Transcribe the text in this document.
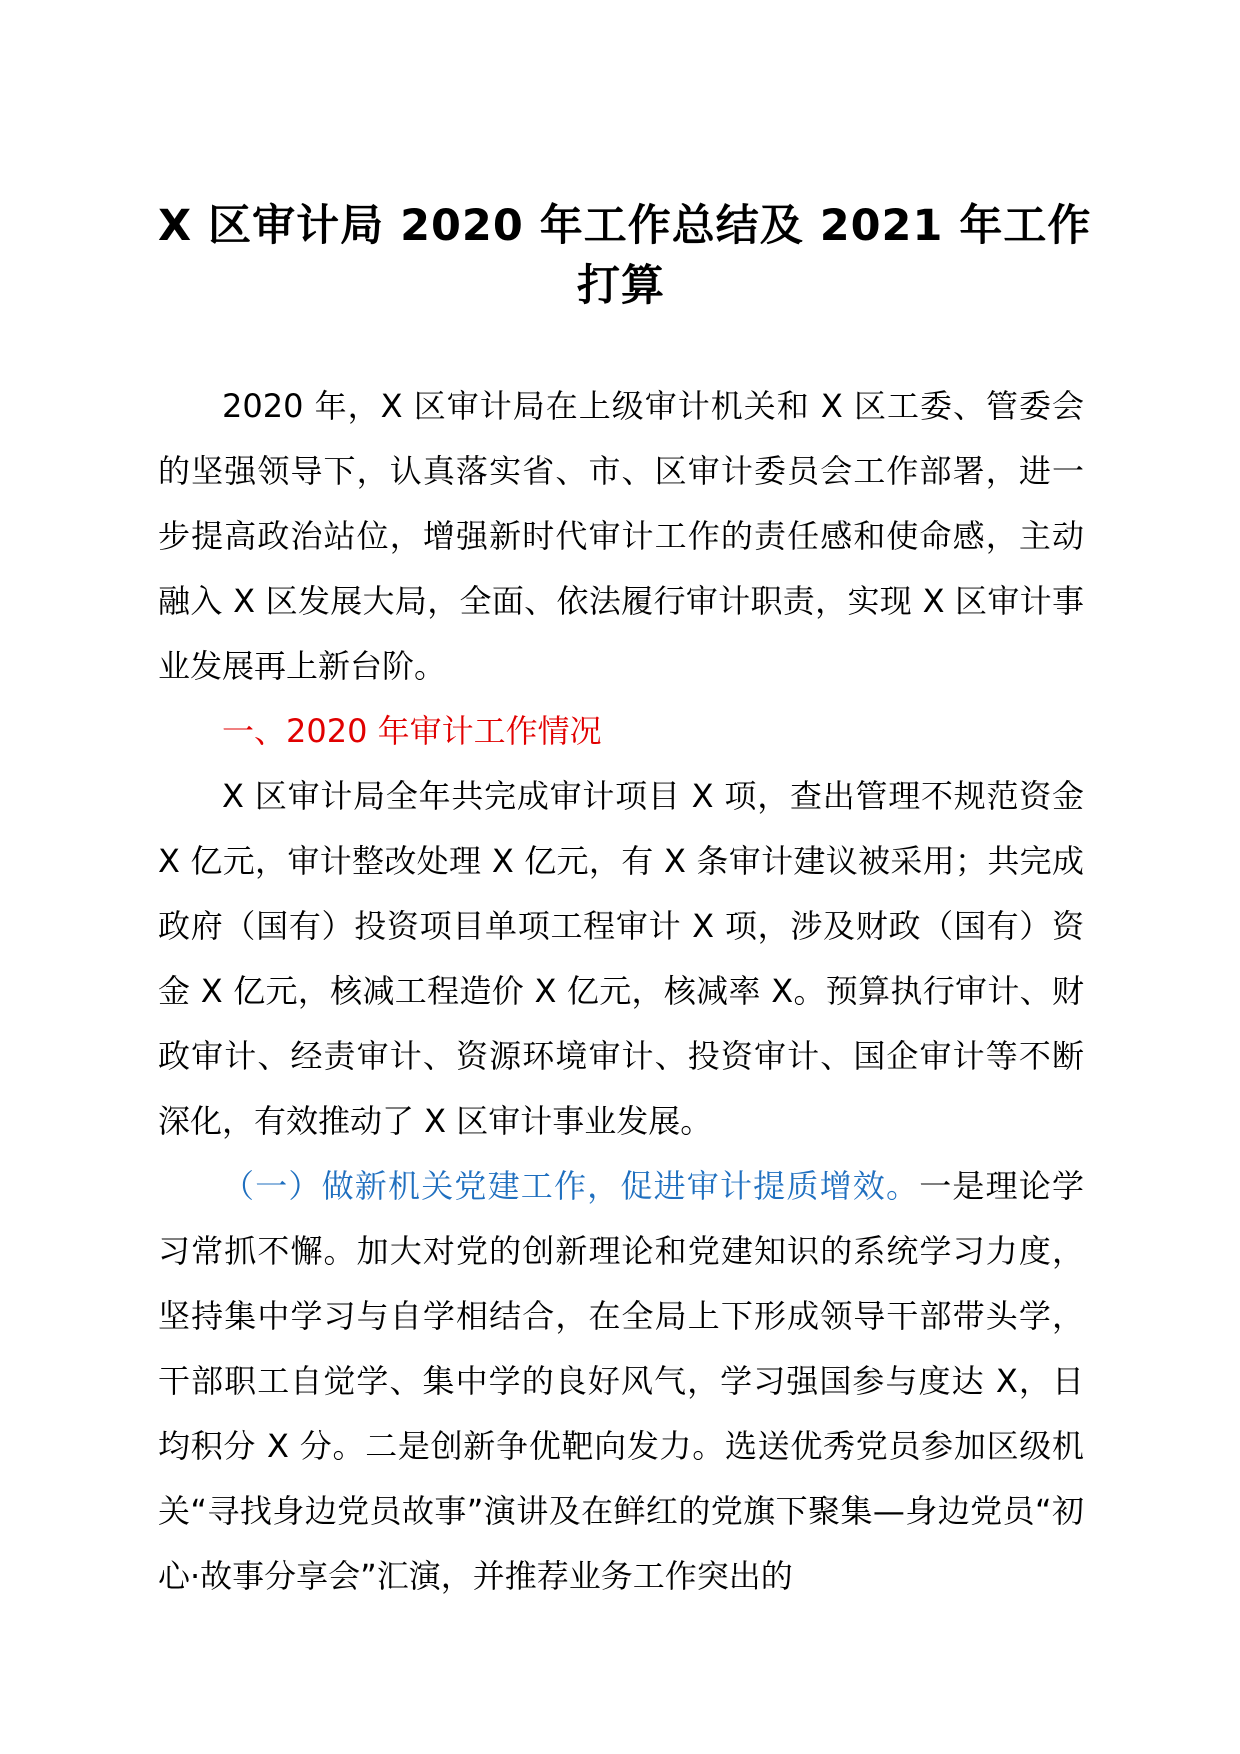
X 区审计局 2020 年工作总结及 2021 年工作
打算

2020 年，X 区审计局在上级审计机关和 X 区工委、管委会的坚强领导下，认真落实省、市、区审计委员会工作部署，进一步提高政治站位，增强新时代审计工作的责任感和使命感，主动融入 X 区发展大局，全面、依法履行审计职责，实现 X 区审计事业发展再上新台阶。

一、2020 年审计工作情况

X 区审计局全年共完成审计项目 X 项，查出管理不规范资金 X 亿元，审计整改处理 X 亿元，有 X 条审计建议被采用；共完成政府（国有）投资项目单项工程审计 X 项，涉及财政（国有）资金 X 亿元，核减工程造价 X 亿元，核减率 X。预算执行审计、财政审计、经责审计、资源环境审计、投资审计、国企审计等不断深化，有效推动了 X 区审计事业发展。

（一）做新机关党建工作，促进审计提质增效。一是理论学习常抓不懈。加大对党的创新理论和党建知识的系统学习力度，坚持集中学习与自学相结合，在全局上下形成领导干部带头学，干部职工自觉学、集中学的良好风气，学习强国参与度达 X，日均积分 X 分。二是创新争优靶向发力。选送优秀党员参加区级机关“寻找身边党员故事”演讲及在鲜红的党旗下聚集—身边党员“初心·故事分享会”汇演，并推荐业务工作突出的
